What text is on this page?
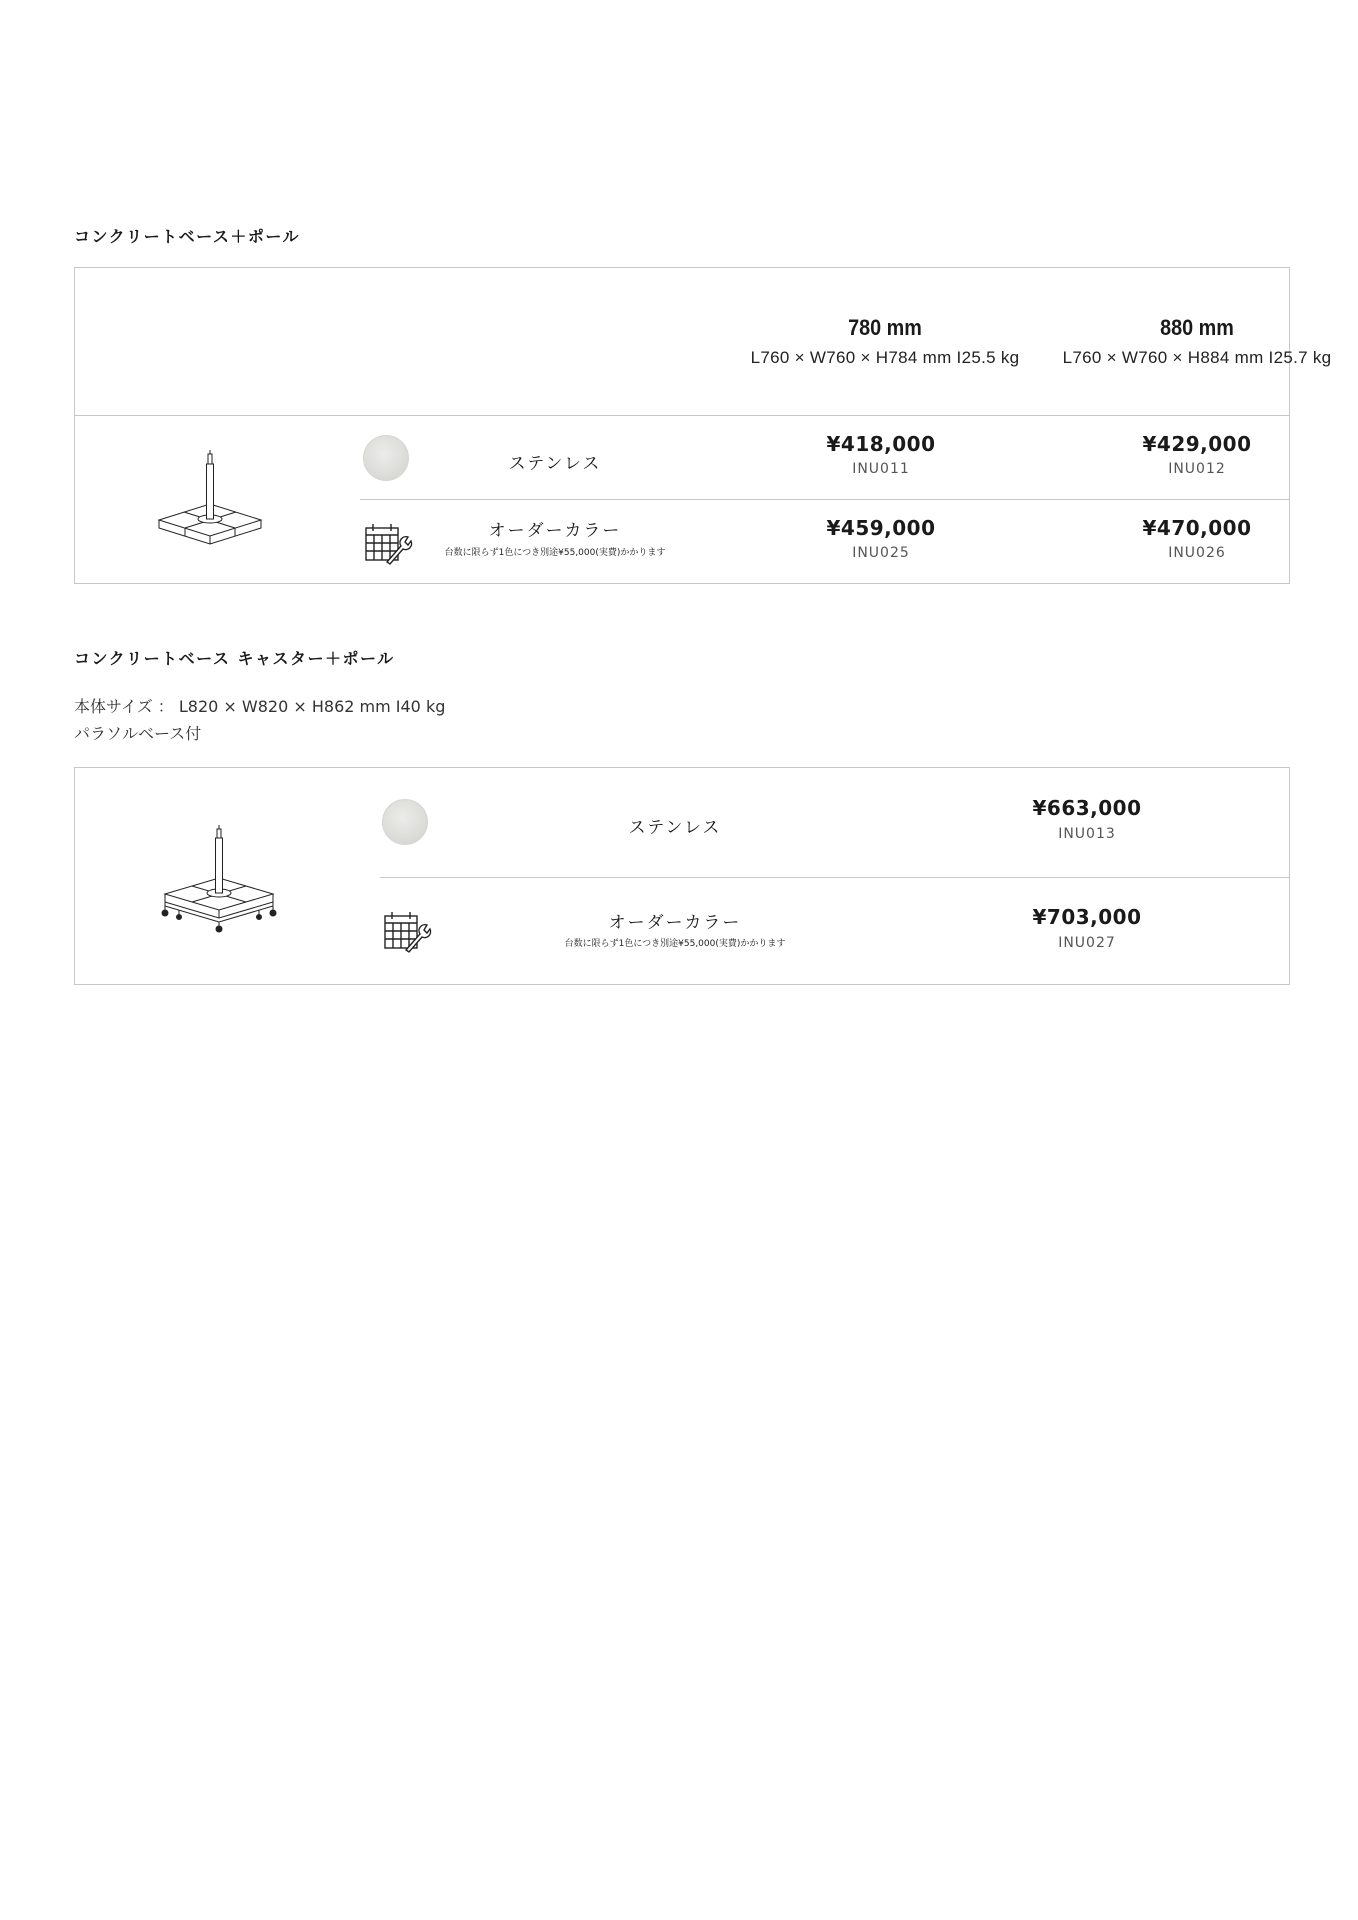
コンクリートベース＋ポール
780 mm
L760 × W760 × H784 mm I25.5 kg
880 mm
L760 × W760 × H884 mm I25.7 kg
ステンレス
¥418,000
INU011
¥429,000
INU012
オーダーカラー
台数に限らず1色につき別途¥55,000(実費)かかります
¥459,000
INU025
¥470,000
INU026
コンクリートベース キャスター＋ポール
本体サイズ ： L820 × W820 × H862 mm I40 kg
パラソルベース付
ステンレス
¥663,000
INU013
オーダーカラー
台数に限らず1色につき別途¥55,000(実費)かかります
¥703,000
INU027
